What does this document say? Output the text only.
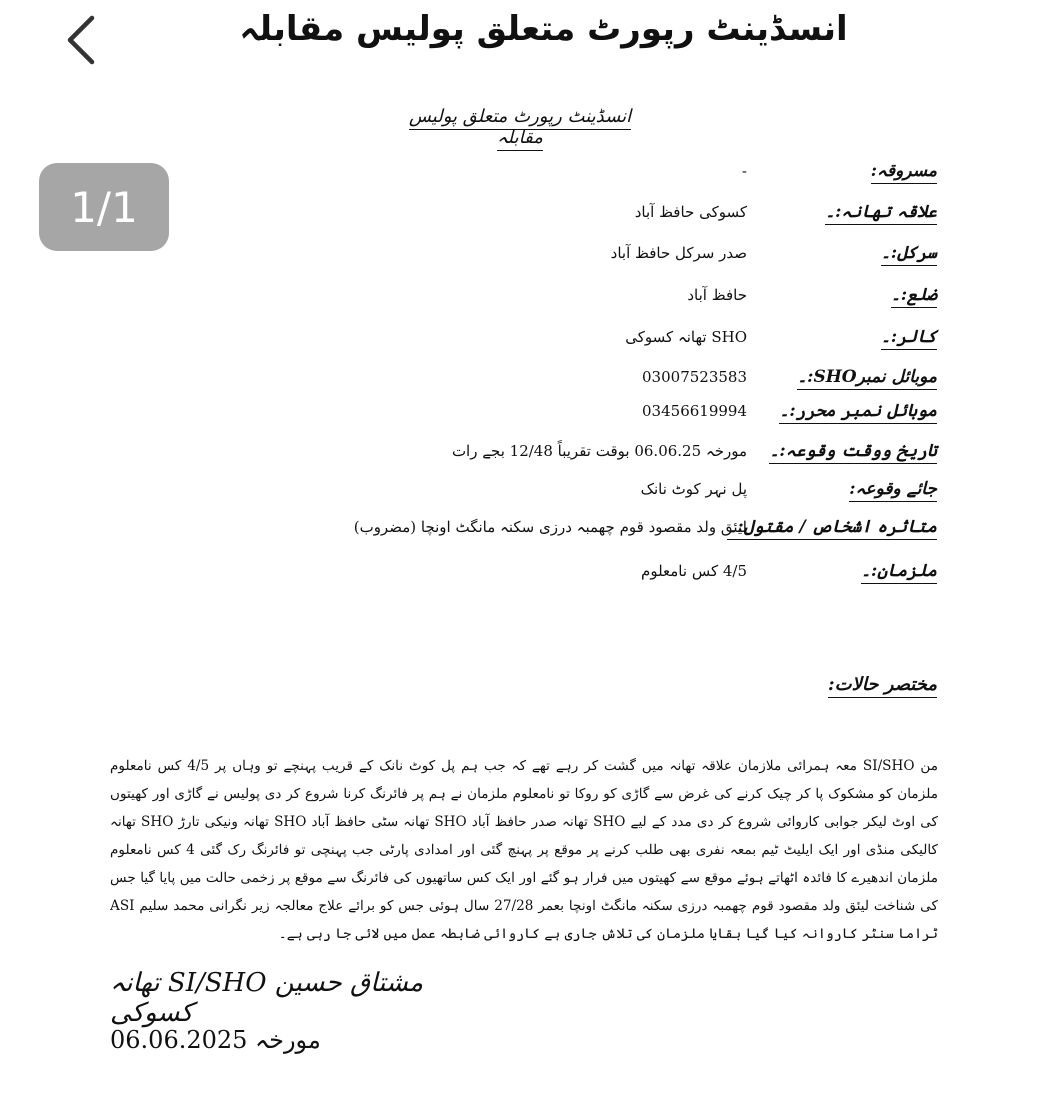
انسڈینٹ رپورٹ متعلق پولیس مقابلہ
1/1
انسڈینٹ رپورٹ متعلق پولیس مقابلہ
مسروقہ:
-
علاقہ تھانہ:۔
کسوکی حافظ آباد
سرکل:۔
صدر سرکل حافظ آباد
ضلع:۔
حافظ آباد
کالر:۔
SHO تھانہ کسوکی
موبائل نمبرSHO:۔
03007523583
موبائل نمبر محرر:۔
03456619994
تاریخ ووقت وقوعہ:۔
مورخہ 06.06.25 بوقت تقریباً 12/48 بجے رات
جائے وقوعہ:
پل نہر کوٹ نانک
متاثرہ اشخاص / مقتول:۔
لیئق ولد مقصود قوم چھمبہ درزی سکنہ مانگٹ اونچا (مضروب)
ملزمان:۔
4/5 کس نامعلوم
مختصر حالات:
من SI/SHO معہ ہمرائی ملازمان علاقہ تھانہ میں گشت کر رہے تھے کہ جب ہم پل کوٹ نانک کے قریب پہنچے تو وہاں پر 4/5 کس نامعلوم ملزمان کو مشکوک پا کر چیک کرنے کی غرض سے گاڑی کو روکا تو نامعلوم ملزمان نے ہم پر فائرنگ کرنا شروع کر دی پولیس نے گاڑی اور کھیتوں کی اوٹ لیکر جوابی کاروائی شروع کر دی مدد کے لیے SHO تھانہ صدر حافظ آباد SHO تھانہ سٹی حافظ آباد SHO تھانہ ونیکی تارڑ SHO تھانہ کالیکی منڈی اور ایک ایلیٹ ٹیم بمعہ نفری بھی طلب کرنے پر موقع پر پہنچ گئی اور امدادی پارٹی جب پہنچی تو فائرنگ رک گئی 4 کس نامعلوم ملزمان اندھیرے کا فائدہ اٹھاتے ہوئے موقع سے کھیتوں میں فرار ہو گئے اور ایک کس ساتھیوں کی فائرنگ سے موقع پر زخمی حالت میں پایا گیا جس کی شناخت لیئق ولد مقصود قوم چھمبہ درزی سکنہ مانگٹ اونچا بعمر 27/28 سال ہوئی جس کو برائے علاج معالجہ زیر نگرانی محمد سلیم ASI ٹراما سنٹر کاروانہ کیا گیا بقایا ملزمان کی تلاش جاری ہے کاروائی ضابطہ عمل میں لائی جا رہی ہے۔
مشتاق حسین SI/SHO تھانہ کسوکی
مورخہ 06.06.2025
